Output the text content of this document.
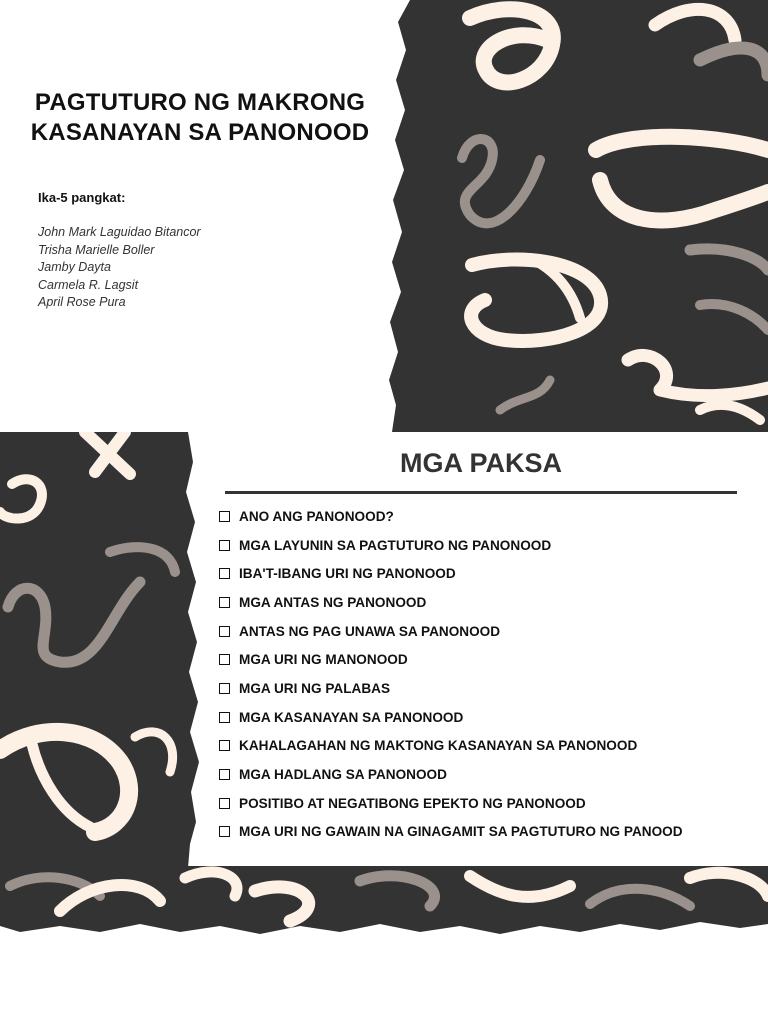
PAGTUTURO NG MAKRONG
KASANAYAN SA PANONOOD
Ika-5 pangkat:
John Mark Laguidao Bitancor
Trisha Marielle Boller
Jamby Dayta
Carmela R. Lagsit
April Rose Pura
MGA PAKSA
ANO ANG PANONOOD?
MGA LAYUNIN SA PAGTUTURO NG PANONOOD
IBA'T-IBANG URI NG PANONOOD
MGA ANTAS NG PANONOOD
ANTAS NG PAG UNAWA SA PANONOOD
MGA URI NG MANONOOD
MGA URI NG PALABAS
MGA KASANAYAN SA PANONOOD
KAHALAGAHAN NG MAKTONG KASANAYAN SA PANONOOD
MGA HADLANG SA PANONOOD
POSITIBO AT NEGATIBONG EPEKTO NG PANONOOD
MGA URI NG GAWAIN NA GINAGAMIT SA PAGTUTURO NG PANOOD
